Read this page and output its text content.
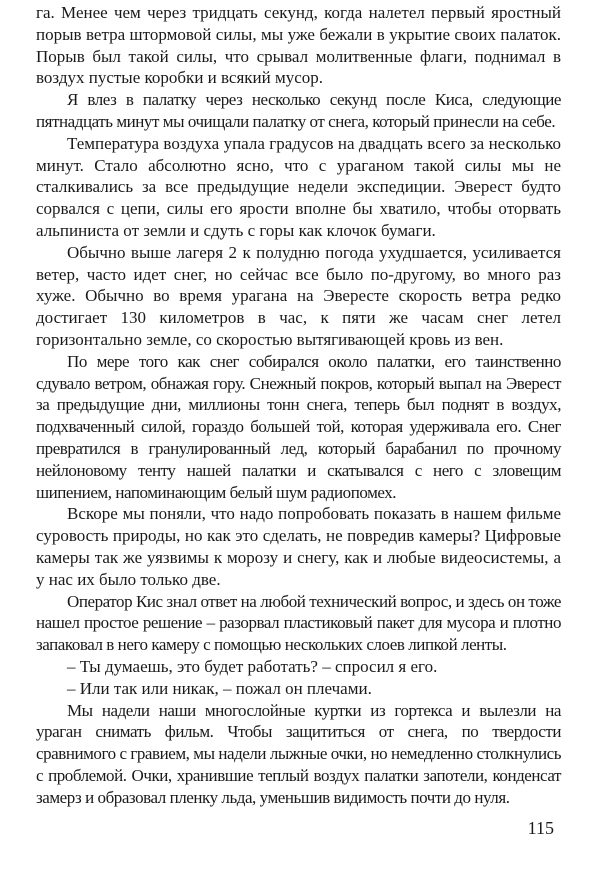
га. Менее чем через тридцать секунд, когда налетел первый яростный порыв ветра штормовой силы, мы уже бежали в укрытие своих палаток. Порыв был такой силы, что срывал молитвенные флаги, поднимал в воздух пустые коробки и всякий мусор.

Я влез в палатку через несколько секунд после Киса, следующие пятнадцать минут мы очищали палатку от снега, который принесли на себе.

Температура воздуха упала градусов на двадцать всего за несколько минут. Стало абсолютно ясно, что с ураганом такой силы мы не сталкивались за все предыдущие недели экспедиции. Эверест будто сорвался с цепи, силы его ярости вполне бы хватило, чтобы оторвать альпиниста от земли и сдуть с горы как клочок бумаги.

Обычно выше лагеря 2 к полудню погода ухудшается, усиливается ветер, часто идет снег, но сейчас все было по-другому, во много раз хуже. Обычно во время урагана на Эвересте скорость ветра редко достигает 130 километров в час, к пяти же часам снег летел горизонтально земле, со скоростью вытягивающей кровь из вен.

По мере того как снег собирался около палатки, его таинственно сдувало ветром, обнажая гору. Снежный покров, который выпал на Эверест за предыдущие дни, миллионы тонн снега, теперь был поднят в воздух, подхваченный силой, гораздо большей той, которая удерживала его. Снег превратился в гранулированный лед, который барабанил по прочному нейлоновому тенту нашей палатки и скатывался с него с зловещим шипением, напоминающим белый шум радиопомех.

Вскоре мы поняли, что надо попробовать показать в нашем фильме суровость природы, но как это сделать, не повредив камеры? Цифровые камеры так же уязвимы к морозу и снегу, как и любые видеосистемы, а у нас их было только две.

Оператор Кис знал ответ на любой технический вопрос, и здесь он тоже нашел простое решение – разорвал пластиковый пакет для мусора и плотно запаковал в него камеру с помощью нескольких слоев липкой ленты.

– Ты думаешь, это будет работать? – спросил я его.

– Или так или никак, – пожал он плечами.

Мы надели наши многослойные куртки из гортекса и вылезли на ураган снимать фильм. Чтобы защититься от снега, по твердости сравнимого с гравием, мы надели лыжные очки, но немедленно столкнулись с проблемой. Очки, хранившие теплый воздух палатки запотели, конденсат замерз и образовал пленку льда, уменьшив видимость почти до нуля.

115
